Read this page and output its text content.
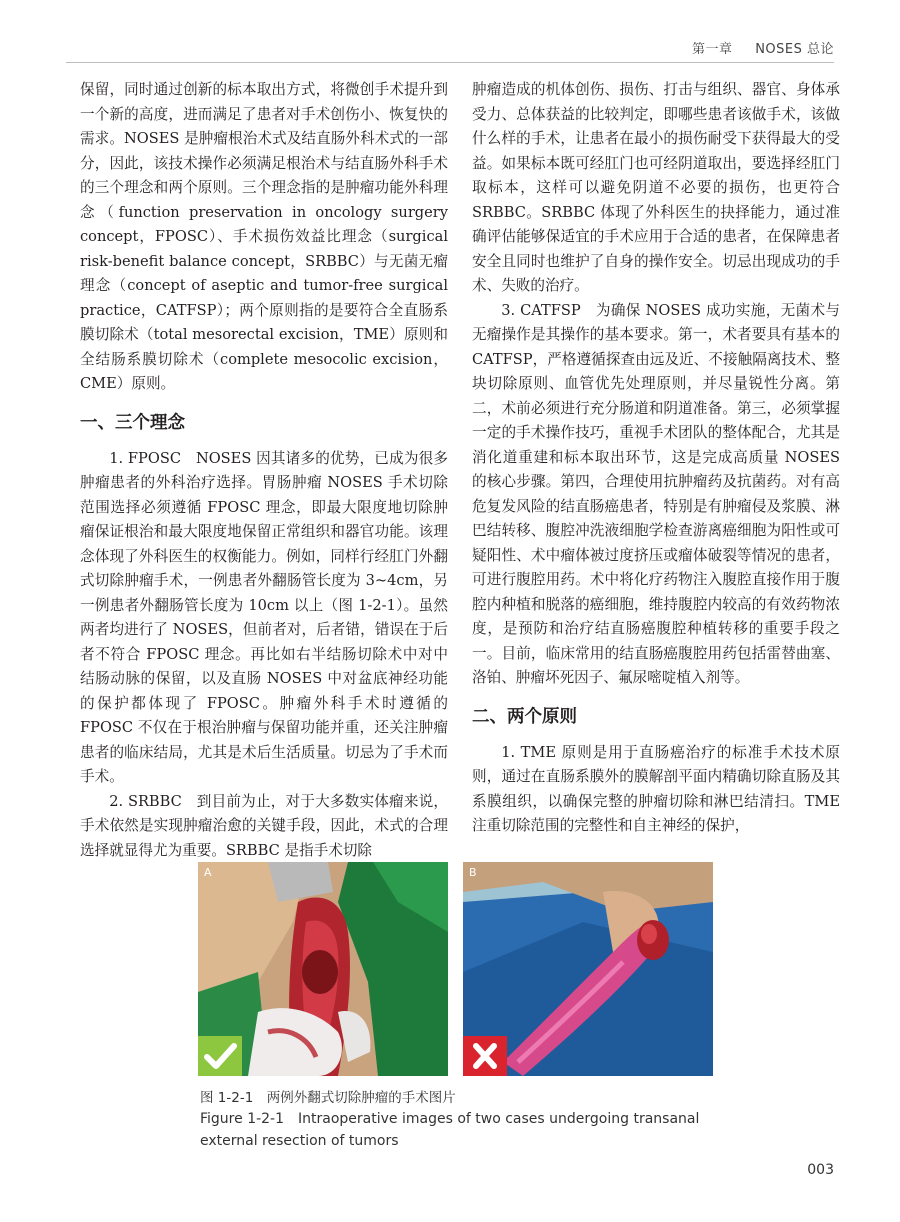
第一章 NOSES 总论

保留，同时通过创新的标本取出方式，将微创手术提升到一个新的高度，进而满足了患者对手术创伤小、恢复快的需求。NOSES 是肿瘤根治术式及结直肠外科术式的一部分，因此，该技术操作必须满足根治术与结直肠外科手术的三个理念和两个原则。三个理念指的是肿瘤功能外科理念（function preservation in oncology surgery concept，FPOSC）、手术损伤效益比理念（surgical risk-benefit balance concept，SRBBC）与无菌无瘤理念（concept of aseptic and tumor-free surgical practice，CATFSP）；两个原则指的是要符合全直肠系膜切除术（total mesorectal excision，TME）原则和全结肠系膜切除术（complete mesocolic excision，CME）原则。

一、三个理念

1. FPOSC　NOSES 因其诸多的优势，已成为很多肿瘤患者的外科治疗选择。胃肠肿瘤 NOSES 手术切除范围选择必须遵循 FPOSC 理念，即最大限度地切除肿瘤保证根治和最大限度地保留正常组织和器官功能。该理念体现了外科医生的权衡能力。例如，同样行经肛门外翻式切除肿瘤手术，一例患者外翻肠管长度为 3~4cm，另一例患者外翻肠管长度为 10cm 以上（图 1-2-1）。虽然两者均进行了 NOSES，但前者对，后者错，错误在于后者不符合 FPOSC 理念。再比如右半结肠切除术中对中结肠动脉的保留，以及直肠 NOSES 中对盆底神经功能的保护都体现了 FPOSC。肿瘤外科手术时遵循的 FPOSC 不仅在于根治肿瘤与保留功能并重，还关注肿瘤患者的临床结局，尤其是术后生活质量。切忌为了手术而手术。

2. SRBBC　到目前为止，对于大多数实体瘤来说，手术依然是实现肿瘤治愈的关键手段，因此，术式的合理选择就显得尤为重要。SRBBC 是指手术切除

肿瘤造成的机体创伤、损伤、打击与组织、器官、身体承受力、总体获益的比较判定，即哪些患者该做手术，该做什么样的手术，让患者在最小的损伤耐受下获得最大的受益。如果标本既可经肛门也可经阴道取出，要选择经肛门取标本，这样可以避免阴道不必要的损伤，也更符合 SRBBC。SRBBC 体现了外科医生的抉择能力，通过准确评估能够保适宜的手术应用于合适的患者，在保障患者安全且同时也维护了自身的操作安全。切忌出现成功的手术、失败的治疗。

3. CATFSP　为确保 NOSES 成功实施，无菌术与无瘤操作是其操作的基本要求。第一，术者要具有基本的 CATFSP，严格遵循探查由远及近、不接触隔离技术、整块切除原则、血管优先处理原则，并尽量锐性分离。第二，术前必须进行充分肠道和阴道准备。第三，必须掌握一定的手术操作技巧，重视手术团队的整体配合，尤其是消化道重建和标本取出环节，这是完成高质量 NOSES 的核心步骤。第四，合理使用抗肿瘤药及抗菌药。对有高危复发风险的结直肠癌患者，特别是有肿瘤侵及浆膜、淋巴结转移、腹腔冲洗液细胞学检查游离癌细胞为阳性或可疑阳性、术中瘤体被过度挤压或瘤体破裂等情况的患者，可进行腹腔用药。术中将化疗药物注入腹腔直接作用于腹腔内种植和脱落的癌细胞，维持腹腔内较高的有效药物浓度，是预防和治疗结直肠癌腹腔种植转移的重要手段之一。目前，临床常用的结直肠癌腹腔用药包括雷替曲塞、洛铂、肿瘤坏死因子、氟尿嘧啶植入剂等。

二、两个原则

1. TME 原则是用于直肠癌治疗的标准手术技术原则，通过在直肠系膜外的膜解剖平面内精确切除直肠及其系膜组织，以确保完整的肿瘤切除和淋巴结清扫。TME 注重切除范围的完整性和自主神经的保护，

A	B
图 1-2-1　两例外翻式切除肿瘤的手术图片
Figure 1-2-1　Intraoperative images of two cases undergoing transanal external resection of tumors
003
